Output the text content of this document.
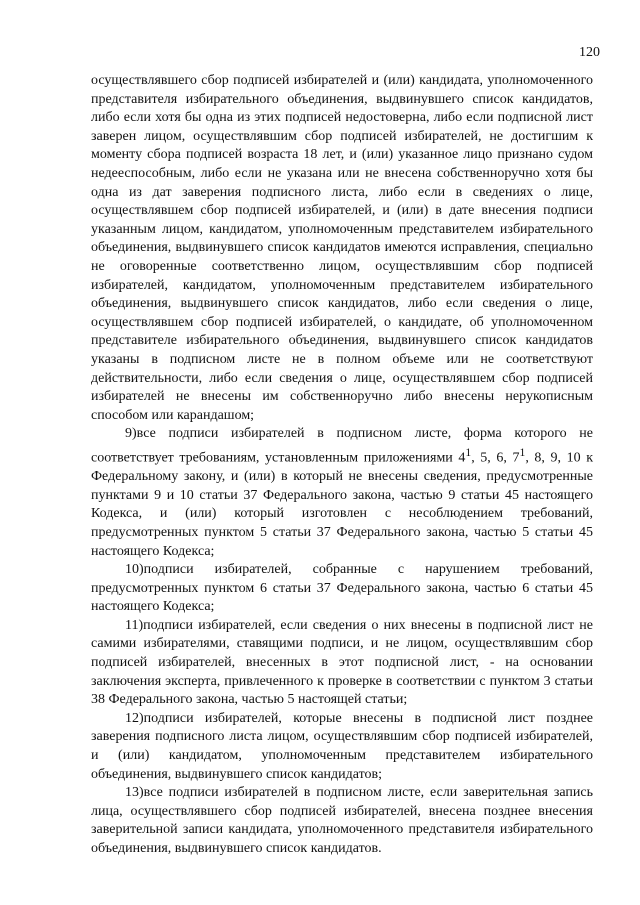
120

осуществлявшего сбор подписей избирателей и (или) кандидата, уполномоченного представителя избирательного объединения, выдвинувшего список кандидатов, либо если хотя бы одна из этих подписей недостоверна, либо если подписной лист заверен лицом, осуществлявшим сбор подписей избирателей, не достигшим к моменту сбора подписей возраста 18 лет, и (или) указанное лицо признано судом недееспособным, либо если не указана или не внесена собственноручно хотя бы одна из дат заверения подписного листа, либо если в сведениях о лице, осуществлявшем сбор подписей избирателей, и (или) в дате внесения подписи указанным лицом, кандидатом, уполномоченным представителем избирательного объединения, выдвинувшего список кандидатов имеются исправления, специально не оговоренные соответственно лицом, осуществлявшим сбор подписей избирателей, кандидатом, уполномоченным представителем избирательного объединения, выдвинувшего список кандидатов, либо если сведения о лице, осуществлявшем сбор подписей избирателей, о кандидате, об уполномоченном представителе избирательного объединения, выдвинувшего список кандидатов указаны в подписном листе не в полном объеме или не соответствуют действительности, либо если сведения о лице, осуществлявшем сбор подписей избирателей не внесены им собственноручно либо внесены нерукописным способом или карандашом;

9)все подписи избирателей в подписном листе, форма которого не соответствует требованиям, установленным приложениями $4^1$, 5, 6, $7^1$, 8, 9, 10 к Федеральному закону, и (или) в который не внесены сведения, предусмотренные пунктами 9 и 10 статьи 37 Федерального закона, частью 9 статьи 45 настоящего Кодекса, и (или) который изготовлен с несоблюдением требований, предусмотренных пунктом 5 статьи 37 Федерального закона, частью 5 статьи 45 настоящего Кодекса;

10)подписи избирателей, собранные с нарушением требований, предусмотренных пунктом 6 статьи 37 Федерального закона, частью 6 статьи 45 настоящего Кодекса;

11)подписи избирателей, если сведения о них внесены в подписной лист не самими избирателями, ставящими подписи, и не лицом, осуществлявшим сбор подписей избирателей, внесенных в этот подписной лист, - на основании заключения эксперта, привлеченного к проверке в соответствии с пунктом 3 статьи 38 Федерального закона, частью 5 настоящей статьи;

12)подписи избирателей, которые внесены в подписной лист позднее заверения подписного листа лицом, осуществлявшим сбор подписей избирателей, и (или) кандидатом, уполномоченным представителем избирательного объединения, выдвинувшего список кандидатов;

13)все подписи избирателей в подписном листе, если заверительная запись лица, осуществлявшего сбор подписей избирателей, внесена позднее внесения заверительной записи кандидата, уполномоченного представителя избирательного объединения, выдвинувшего список кандидатов.
